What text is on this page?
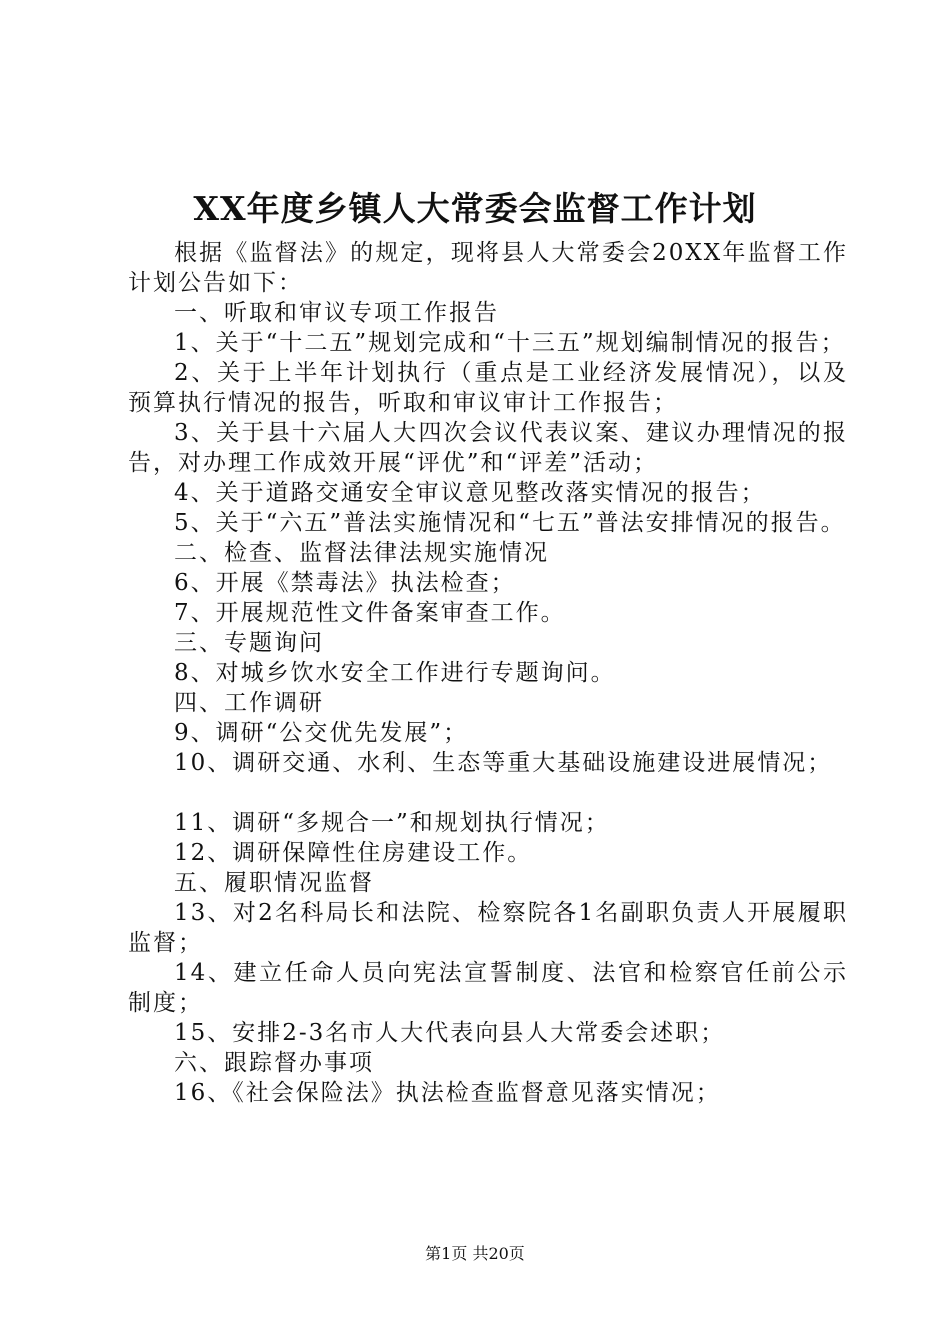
XX年度乡镇人大常委会监督工作计划

根据《监督法》的规定，现将县人大常委会20XX年监督工作计划公告如下：

一、听取和审议专项工作报告

1、关于“十二五”规划完成和“十三五”规划编制情况的报告；

2、关于上半年计划执行（重点是工业经济发展情况），以及预算执行情况的报告，听取和审议审计工作报告；

3、关于县十六届人大四次会议代表议案、建议办理情况的报告，对办理工作成效开展“评优”和“评差”活动；

4、关于道路交通安全审议意见整改落实情况的报告；

5、关于“六五”普法实施情况和“七五”普法安排情况的报告。

二、检查、监督法律法规实施情况

6、开展《禁毒法》执法检查；

7、开展规范性文件备案审查工作。

三、专题询问

8、对城乡饮水安全工作进行专题询问。

四、工作调研

9、调研“公交优先发展”；

10、调研交通、水利、生态等重大基础设施建设进展情况；

11、调研“多规合一”和规划执行情况；

12、调研保障性住房建设工作。

五、履职情况监督

13、对2名科局长和法院、检察院各1名副职负责人开展履职监督；

14、建立任命人员向宪法宣誓制度、法官和检察官任前公示制度；

15、安排2-3名市人大代表向县人大常委会述职；

六、跟踪督办事项

16、《社会保险法》执法检查监督意见落实情况；

第1页 共20页
